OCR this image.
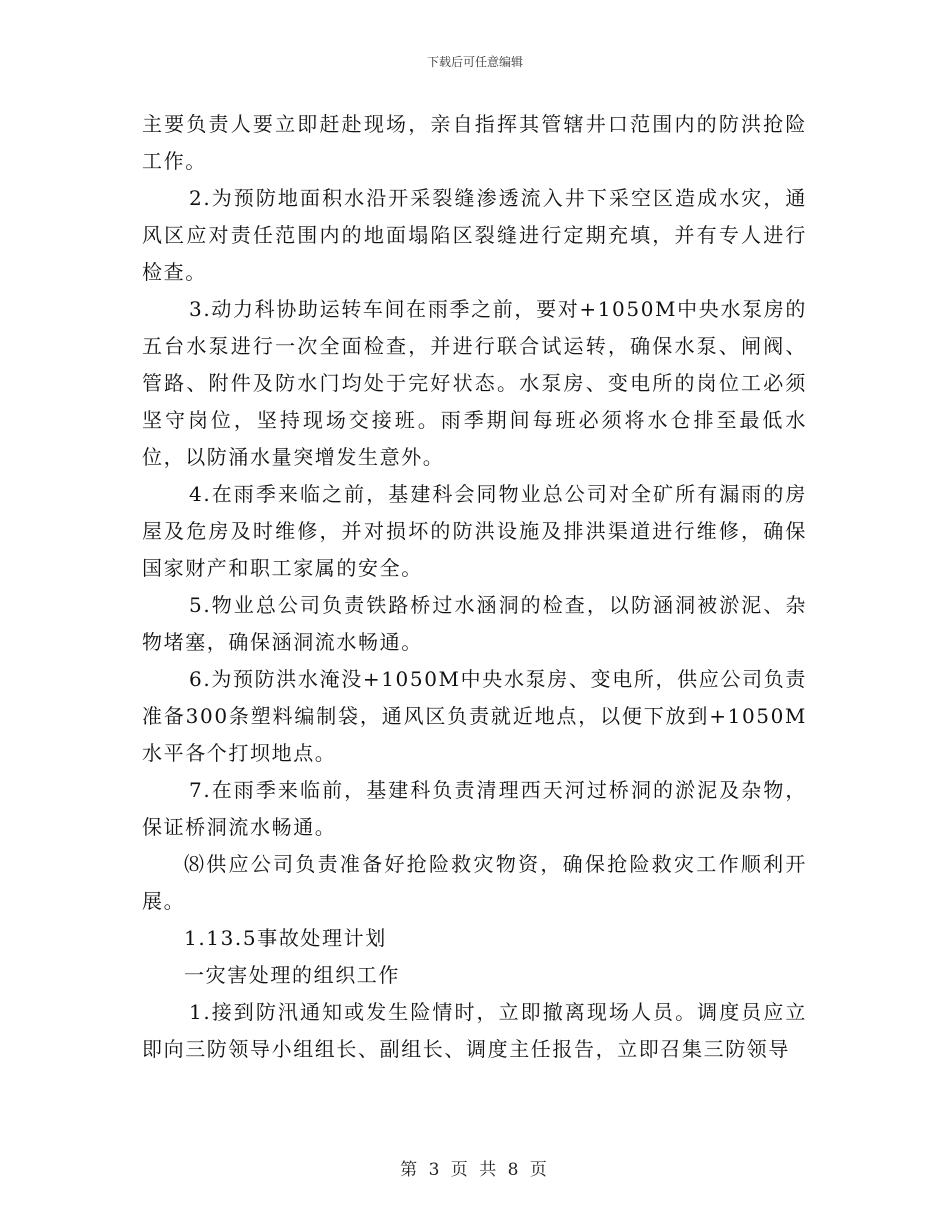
下载后可任意编辑

主要负责人要立即赶赴现场，亲自指挥其管辖井口范围内的防洪抢险工作。

2.为预防地面积水沿开采裂缝渗透流入井下采空区造成水灾，通风区应对责任范围内的地面塌陷区裂缝进行定期充填，并有专人进行检查。

3.动力科协助运转车间在雨季之前，要对+1050M中央水泵房的五台水泵进行一次全面检查，并进行联合试运转，确保水泵、闸阀、管路、附件及防水门均处于完好状态。水泵房、变电所的岗位工必须坚守岗位，坚持现场交接班。雨季期间每班必须将水仓排至最低水位，以防涌水量突增发生意外。

4.在雨季来临之前，基建科会同物业总公司对全矿所有漏雨的房屋及危房及时维修，并对损坏的防洪设施及排洪渠道进行维修，确保国家财产和职工家属的安全。

5.物业总公司负责铁路桥过水涵洞的检查，以防涵洞被淤泥、杂物堵塞，确保涵洞流水畅通。

6.为预防洪水淹没+1050M中央水泵房、变电所，供应公司负责准备300条塑料编制袋，通风区负责就近地点，以便下放到+1050M水平各个打坝地点。

7.在雨季来临前，基建科负责清理西天河过桥洞的淤泥及杂物，保证桥洞流水畅通。

⑻供应公司负责准备好抢险救灾物资，确保抢险救灾工作顺利开展。

1.13.5事故处理计划

一灾害处理的组织工作

1.接到防汛通知或发生险情时，立即撤离现场人员。调度员应立即向三防领导小组组长、副组长、调度主任报告，立即召集三防领导

第 3 页 共 8 页
